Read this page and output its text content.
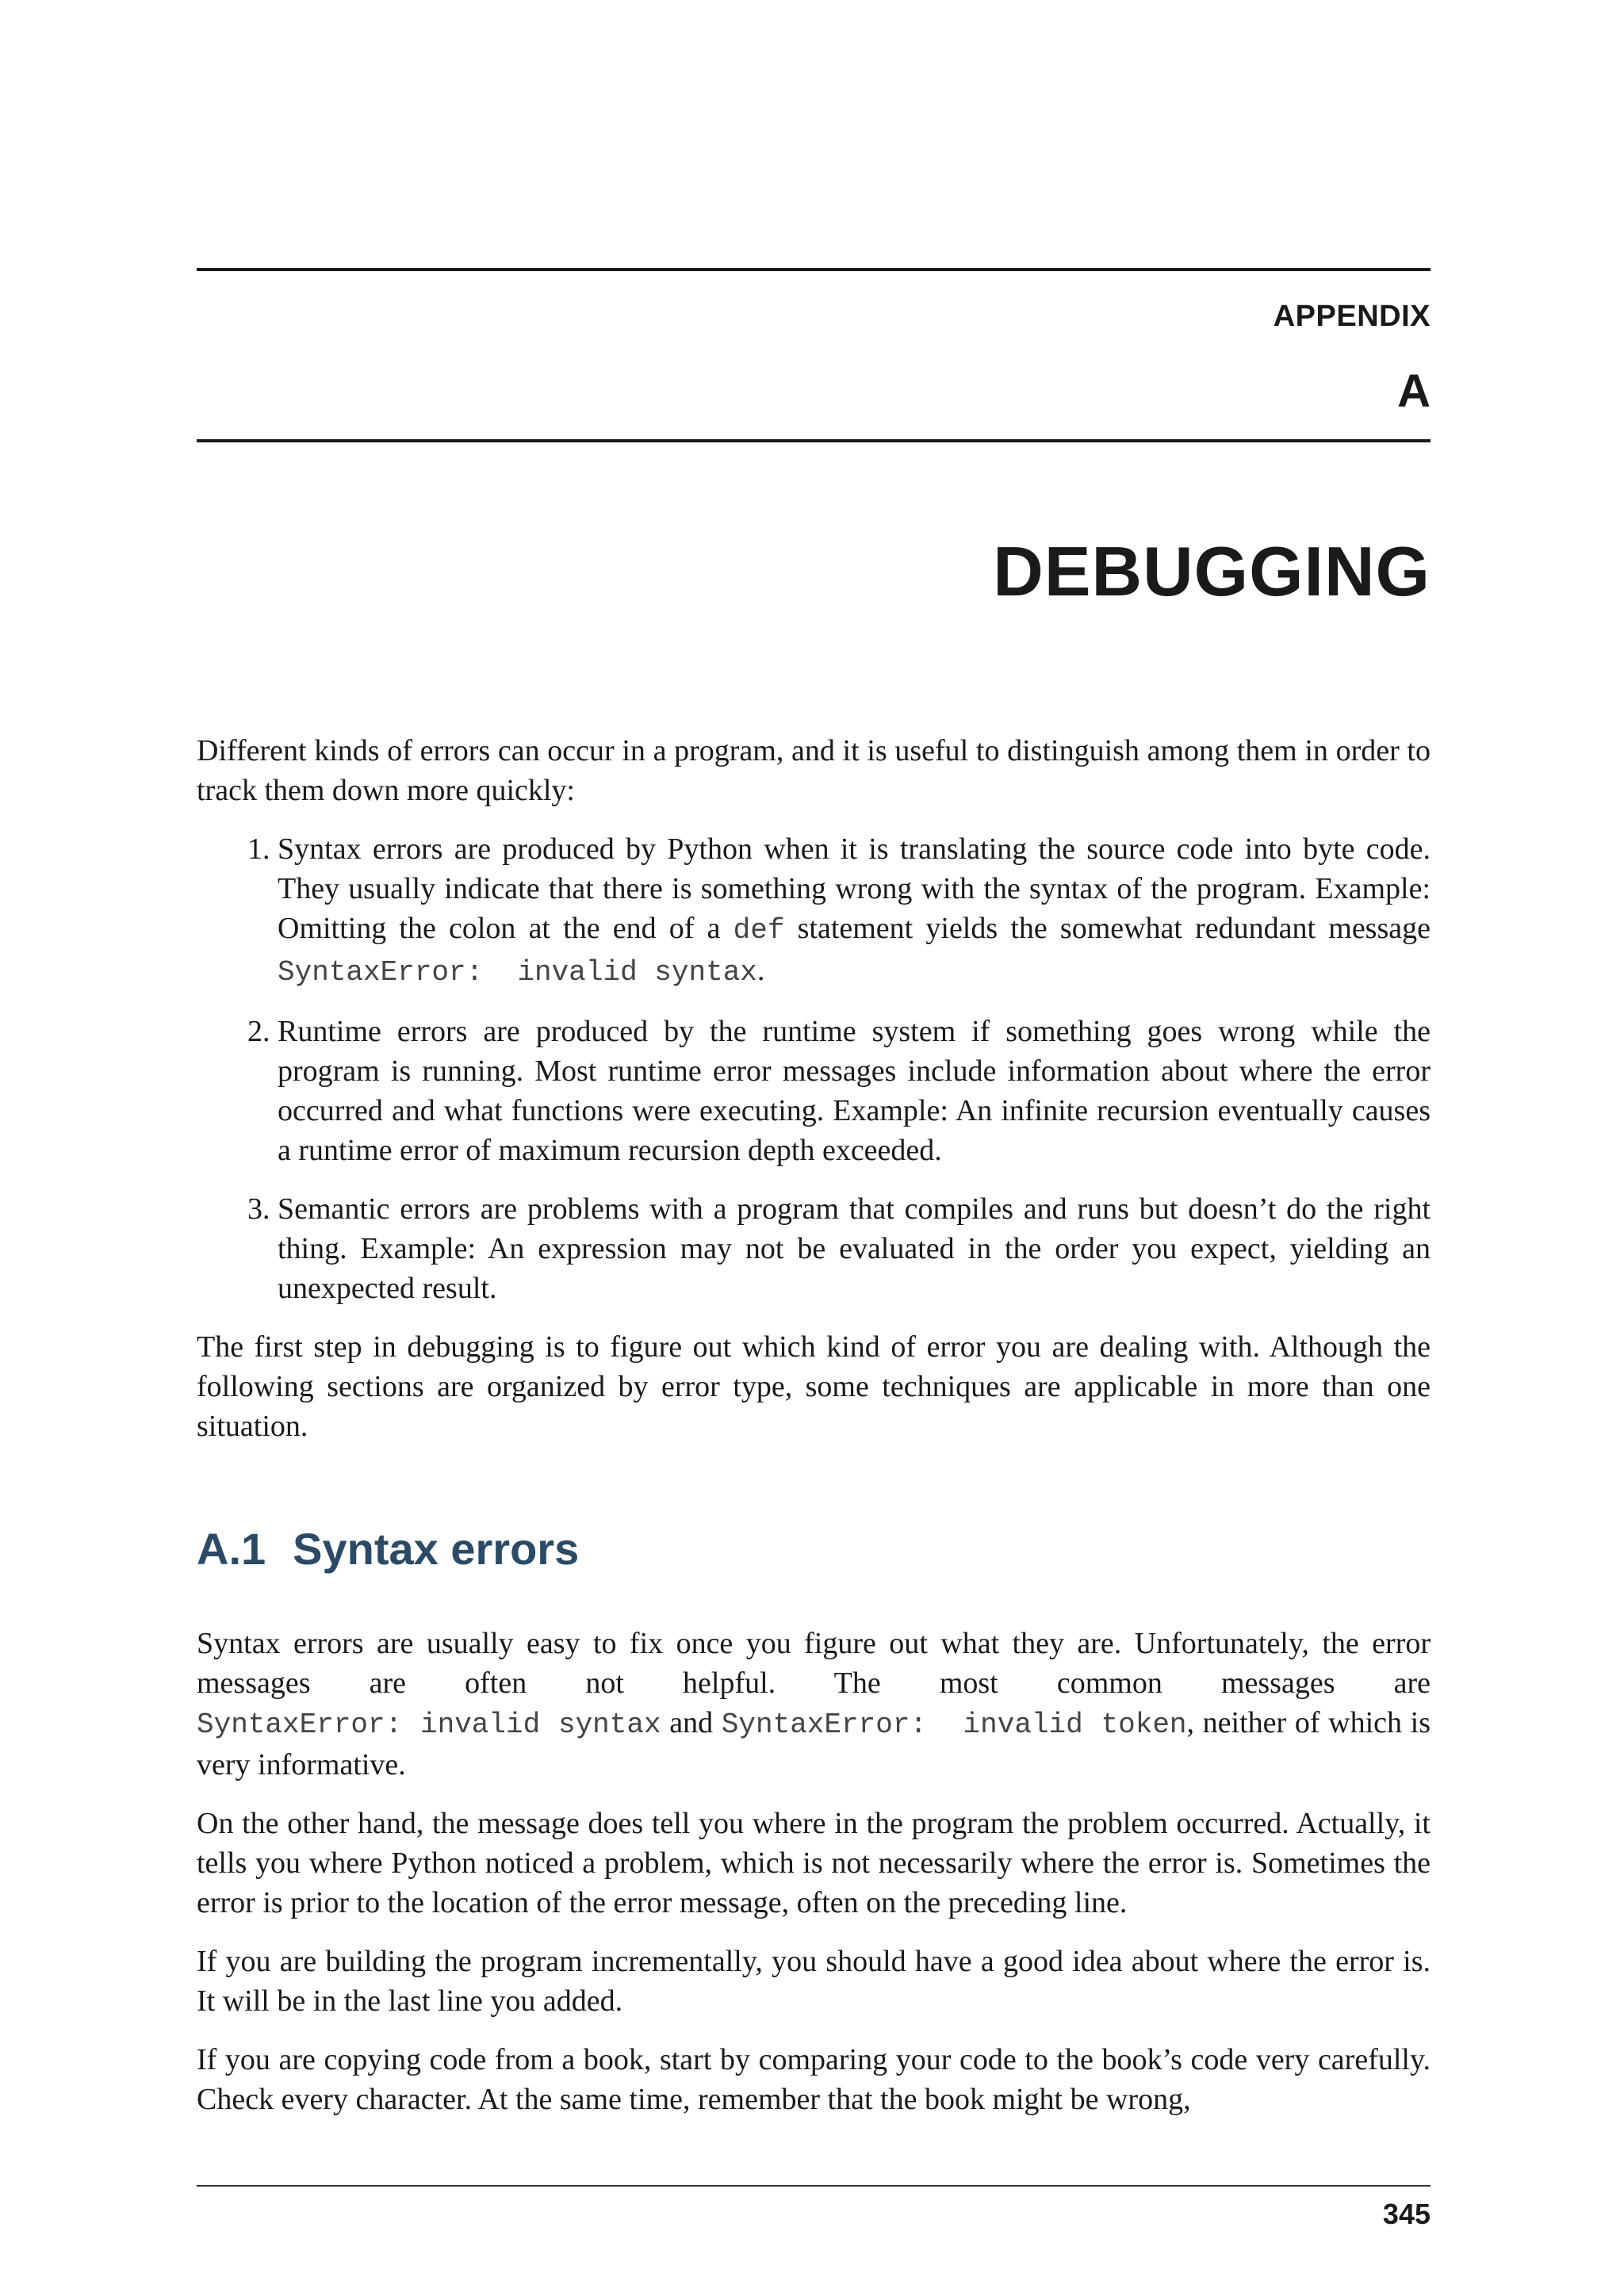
APPENDIX
A
DEBUGGING

Different kinds of errors can occur in a program, and it is useful to distinguish among them in order to track them down more quickly:

1. Syntax errors are produced by Python when it is translating the source code into byte code. They usually indicate that there is something wrong with the syntax of the program. Example: Omitting the colon at the end of a def statement yields the somewhat redundant message SyntaxError:  invalid syntax.
2. Runtime errors are produced by the runtime system if something goes wrong while the program is running. Most runtime error messages include information about where the error occurred and what functions were executing. Example: An infinite recursion eventually causes a runtime error of maximum recursion depth exceeded.
3. Semantic errors are problems with a program that compiles and runs but doesn’t do the right thing. Example: An expression may not be evaluated in the order you expect, yielding an unexpected result.

The first step in debugging is to figure out which kind of error you are dealing with. Although the following sections are organized by error type, some techniques are applicable in more than one situation.

A.1 Syntax errors

Syntax errors are usually easy to fix once you figure out what they are. Unfortunately, the error messages are often not helpful. The most common messages are SyntaxError: invalid syntax and SyntaxError:  invalid token, neither of which is very informative.

On the other hand, the message does tell you where in the program the problem occurred. Actually, it tells you where Python noticed a problem, which is not necessarily where the error is. Sometimes the error is prior to the location of the error message, often on the preceding line.

If you are building the program incrementally, you should have a good idea about where the error is. It will be in the last line you added.

If you are copying code from a book, start by comparing your code to the book’s code very carefully. Check every character. At the same time, remember that the book might be wrong,

345
